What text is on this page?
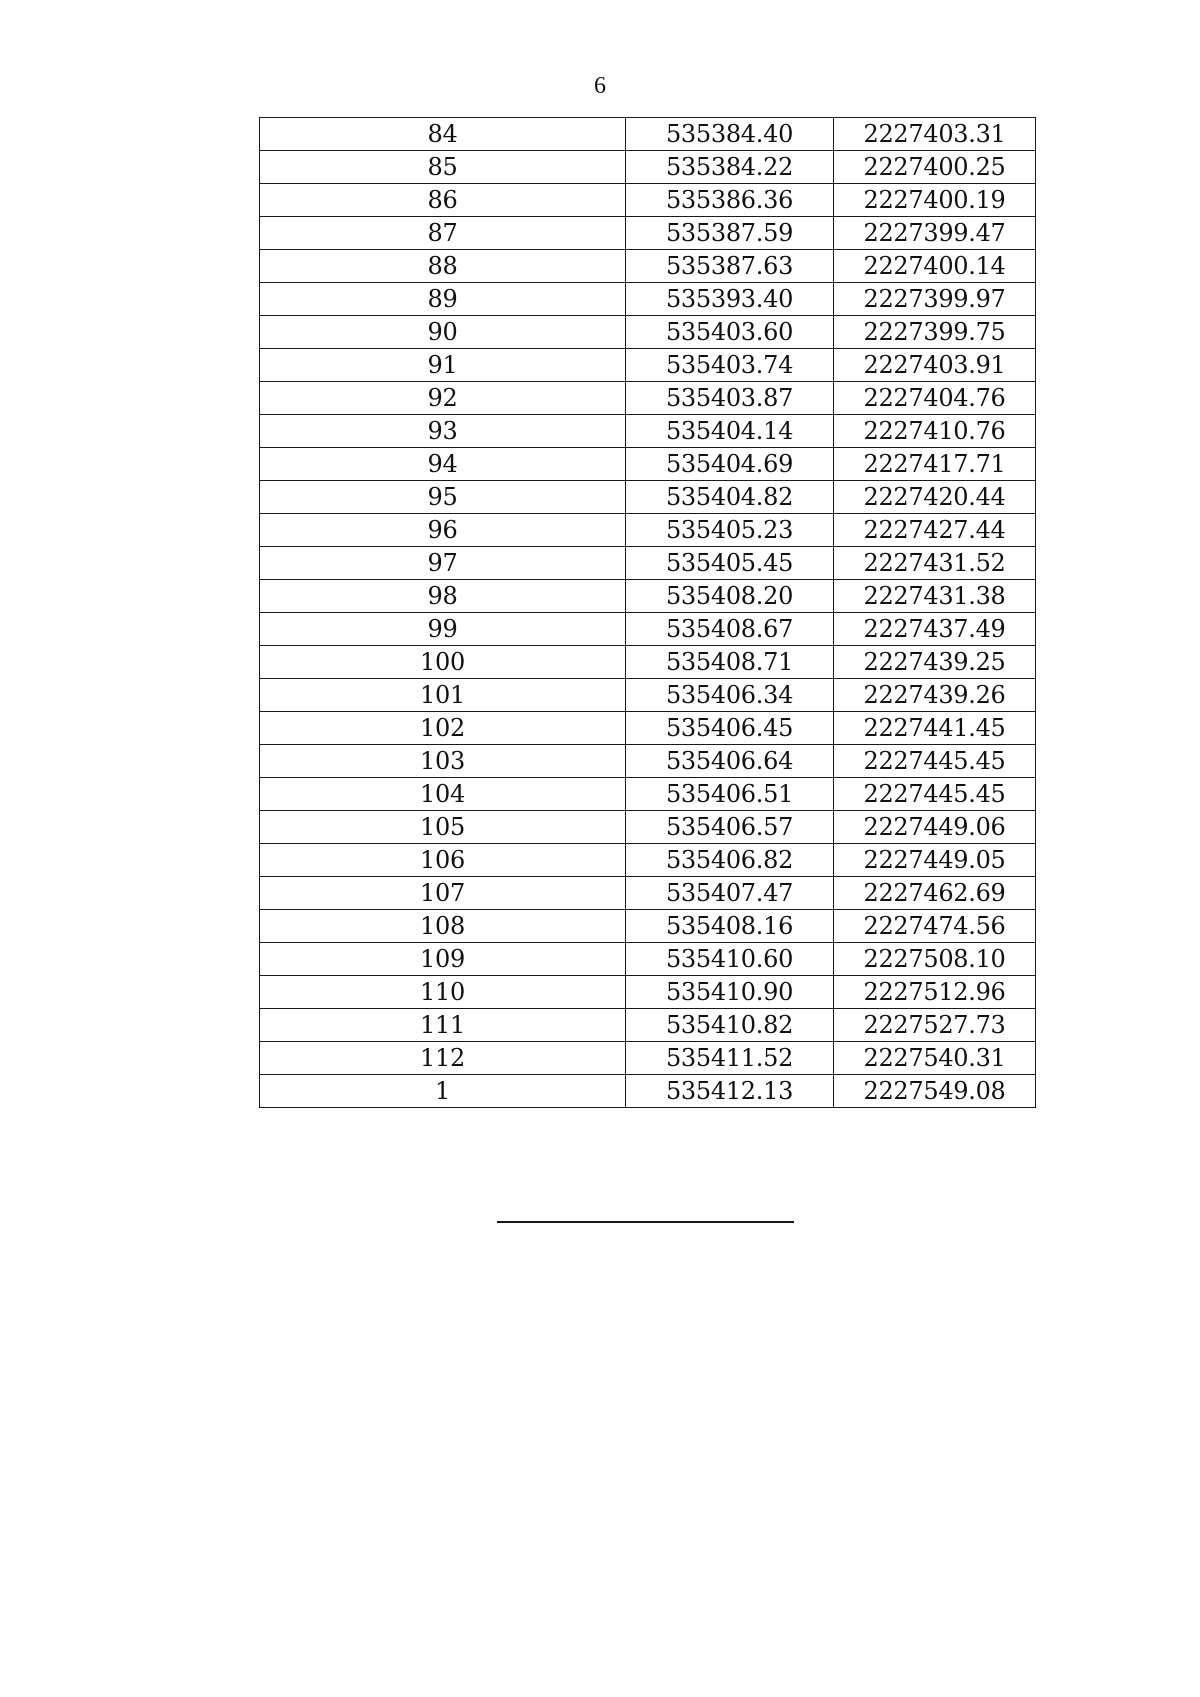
6
84	535384.40	2227403.31
85	535384.22	2227400.25
86	535386.36	2227400.19
87	535387.59	2227399.47
88	535387.63	2227400.14
89	535393.40	2227399.97
90	535403.60	2227399.75
91	535403.74	2227403.91
92	535403.87	2227404.76
93	535404.14	2227410.76
94	535404.69	2227417.71
95	535404.82	2227420.44
96	535405.23	2227427.44
97	535405.45	2227431.52
98	535408.20	2227431.38
99	535408.67	2227437.49
100	535408.71	2227439.25
101	535406.34	2227439.26
102	535406.45	2227441.45
103	535406.64	2227445.45
104	535406.51	2227445.45
105	535406.57	2227449.06
106	535406.82	2227449.05
107	535407.47	2227462.69
108	535408.16	2227474.56
109	535410.60	2227508.10
110	535410.90	2227512.96
111	535410.82	2227527.73
112	535411.52	2227540.31
1	535412.13	2227549.08
